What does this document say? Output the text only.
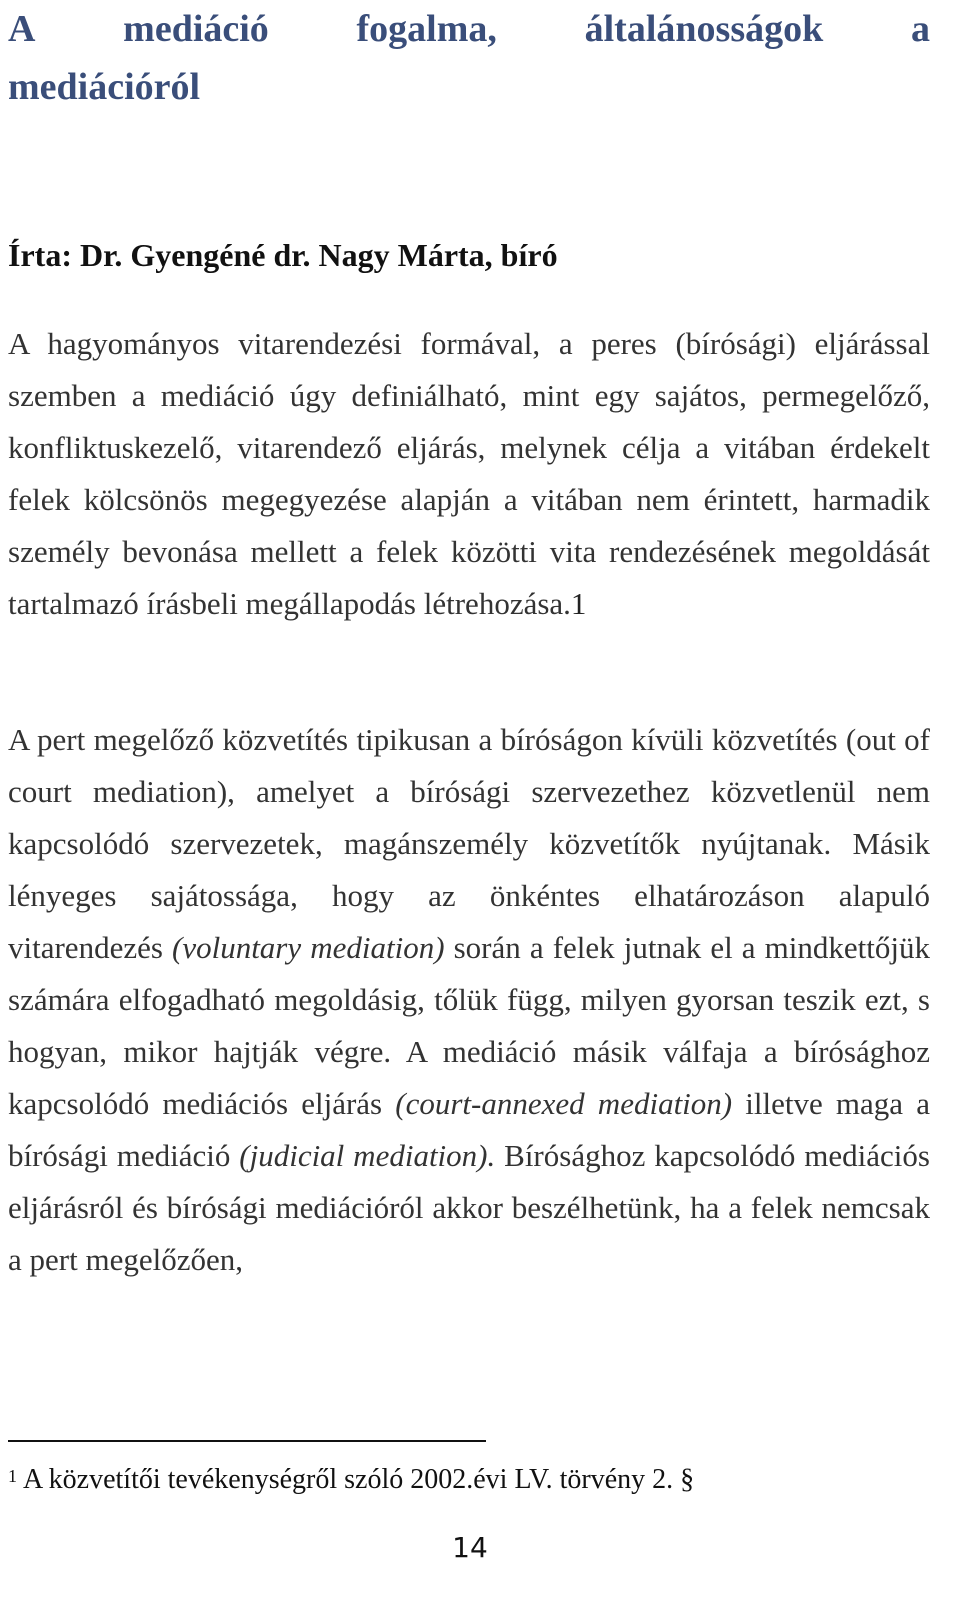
A mediáció fogalma, általánosságok a
mediációról

Írta: Dr. Gyengéné dr. Nagy Márta, bíró

A hagyományos vitarendezési formával, a peres (bírósági) eljárással szemben a mediáció úgy definiálható, mint egy sajátos, permegelőző, konfliktuskezelő, vitarendező eljárás, melynek célja a vitában érdekelt felek kölcsönös megegyezése alapján a vitában nem érintett, harmadik személy bevonása mellett a felek közötti vita rendezésének megoldását tartalmazó írásbeli megállapodás létrehozása.1

A pert megelőző közvetítés tipikusan a bíróságon kívüli közvetítés (out of court mediation), amelyet a bírósági szervezethez közvetlenül nem kapcsolódó szervezetek, magánszemély közvetítők nyújtanak. Másik lényeges sajátossága, hogy az önkéntes elhatározáson alapuló vitarendezés (voluntary mediation) során a felek jutnak el a mindkettőjük számára elfogadható megoldásig, tőlük függ, milyen gyorsan teszik ezt, s hogyan, mikor hajtják végre. A mediáció másik válfaja a bírósághoz kapcsolódó mediációs eljárás (court-annexed mediation) illetve maga a bírósági mediáció (judicial mediation). Bírósághoz kapcsolódó mediációs eljárásról és bírósági mediációról akkor beszélhetünk, ha a felek nemcsak a pert megelőzően,

$^1$ A közvetítői tevékenységről szóló 2002.évi LV. törvény 2. §

14
